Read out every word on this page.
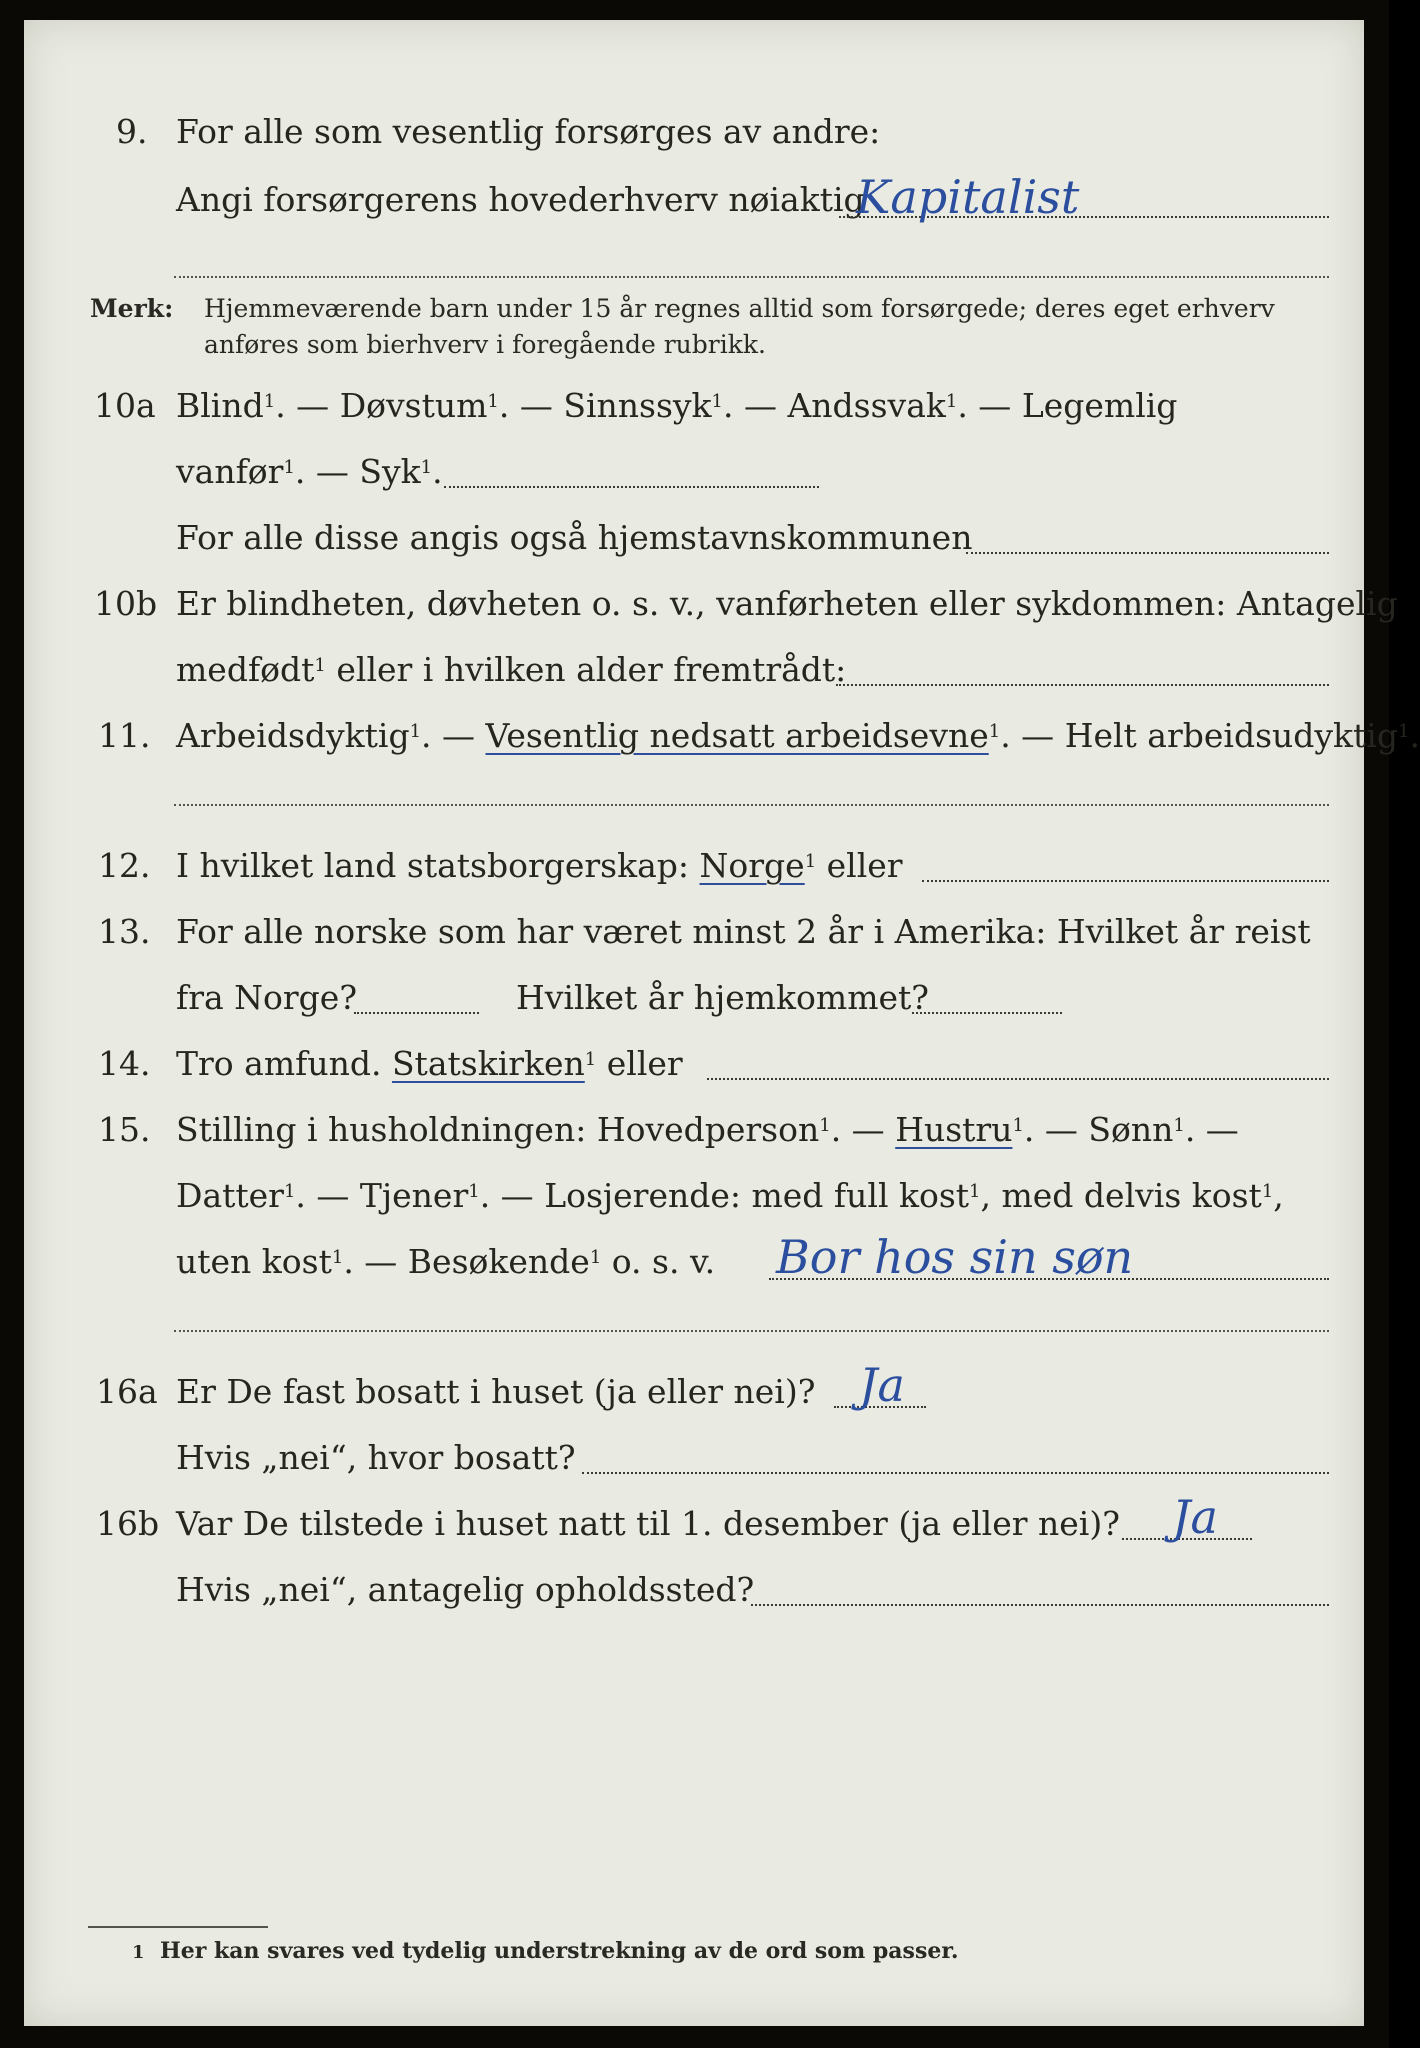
9. For alle som vesentlig forsørges av andre:
Angi forsørgerens hovederhverv nøiaktig
Kapitalist
Merk: Hjemmeværende barn under 15 år regnes alltid som forsørgede; deres eget erhverv
anføres som bierhverv i foregående rubrikk.
10a Blind$^1$. — Døvstum$^1$. — Sinnssyk$^1$. — Andssvak$^1$. — Legemlig
vanfør$^1$. — Syk$^1$.
For alle disse angis også hjemstavnskommunen
10b Er blindheten, døvheten o. s. v., vanførheten eller sykdommen: Antagelig
medfødt$^1$ eller i hvilken alder fremtrådt:
11. Arbeidsdyktig$^1$. — Vesentlig nedsatt arbeidsevne$^1$. — Helt arbeidsudyktig$^1$.
12. I hvilket land statsborgerskap: Norge$^1$ eller
13. For alle norske som har været minst 2 år i Amerika: Hvilket år reist
fra Norge?	Hvilket år hjemkommet?
14. Tro amfund. Statskirken$^1$ eller
15. Stilling i husholdningen: Hovedperson$^1$. — Hustru$^1$. — Sønn$^1$. —
Datter$^1$. — Tjener$^1$. — Losjerende: med full kost$^1$, med delvis kost$^1$,
uten kost$^1$. — Besøkende$^1$ o. s. v. Bor hos sin søn
16a Er De fast bosatt i huset (ja eller nei)? Ja
Hvis „nei“, hvor bosatt?
16b Var De tilstede i huset natt til 1. desember (ja eller nei)? Ja
Hvis „nei“, antagelig opholdssted?
1 Her kan svares ved tydelig understrekning av de ord som passer.
